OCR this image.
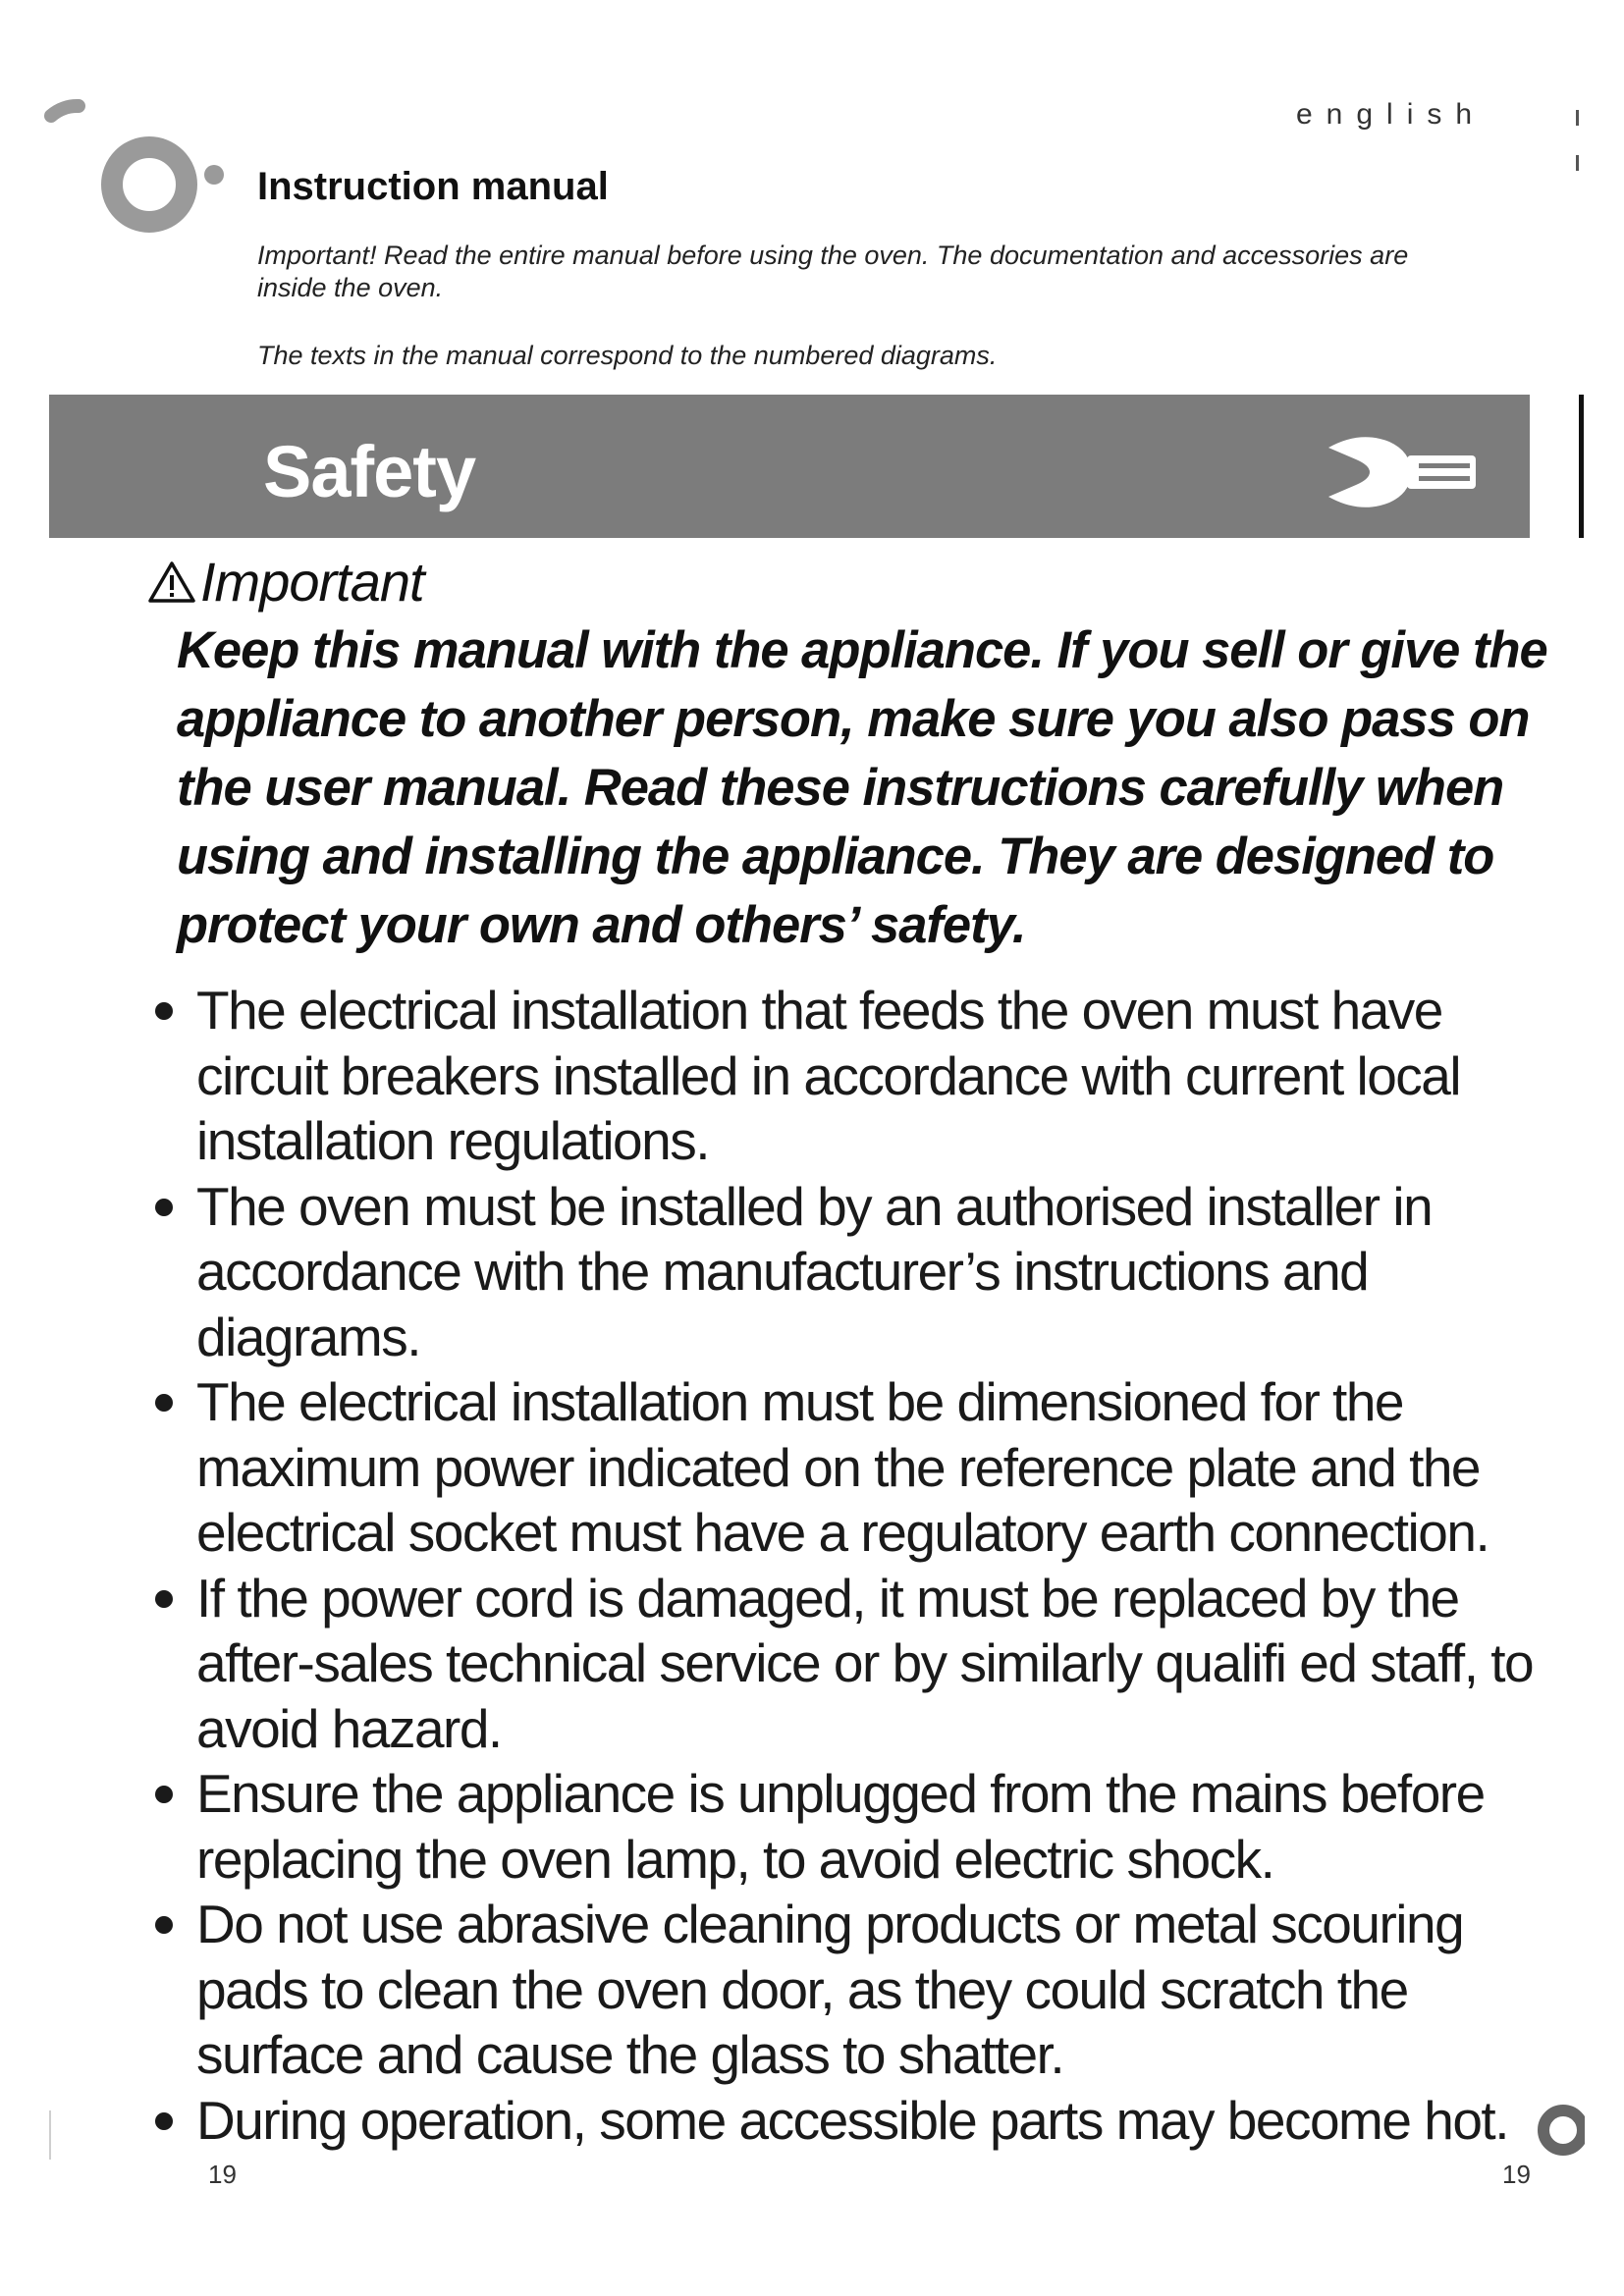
english
Instruction manual
Important! Read the entire manual before using the oven. The documentation and accessories are inside the oven.
The texts in the manual correspond to the numbered diagrams.
Safety
Important
Keep this manual with the appliance. If you sell or give the appliance to another person, make sure you also pass on the user manual. Read these instructions carefully when using and installing the appliance. They are designed to protect your own and others’ safety.
The electrical installation that feeds the oven must have circuit breakers installed in accordance with current local installation regulations.
The oven must be installed by an authorised installer in accordance with the manufacturer’s instructions and diagrams.
The electrical installation must be dimensioned for the maximum power indicated on the reference plate and the electrical socket must have a regulatory earth connection.
If the power cord is damaged, it must be replaced by the after-sales technical service or by similarly qualifi ed staff, to avoid hazard.
Ensure the appliance is unplugged from the mains before replacing the oven lamp, to avoid electric shock.
Do not use abrasive cleaning products or metal scouring pads to clean the oven door, as they could scratch the surface and cause the glass to shatter.
During operation, some accessible parts may become hot.
19	19
